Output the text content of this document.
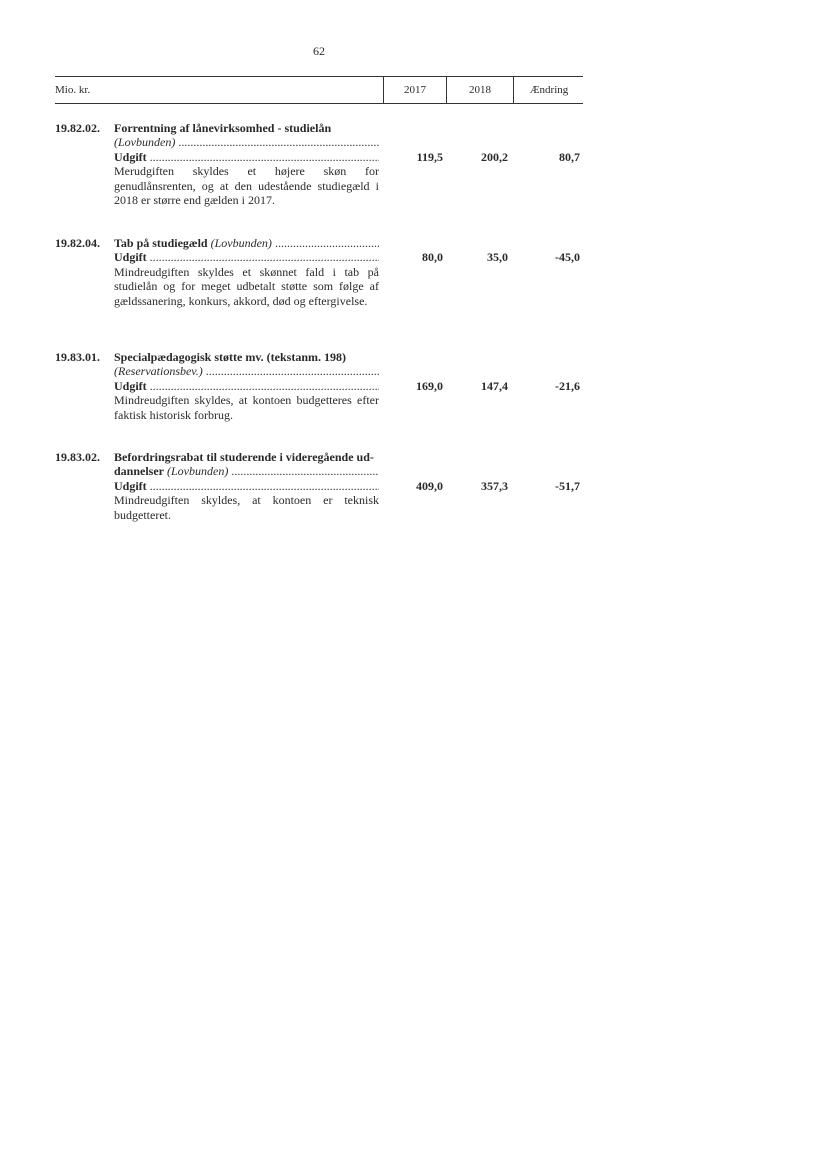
62
Mio. kr.	2017	2018	Ændring
19.82.02. Forrentning af lånevirksomhed - studielån
(Lovbunden) .....
Udgift .....
Merudgiften skyldes et højere skøn for genudlånsrenten, og at den udestående studiegæld i 2018 er større end gælden i 2017.
119,5	200,2	80,7
19.82.04. Tab på studiegæld (Lovbunden) .....
Udgift .....
Mindreudgiften skyldes et skønnet fald i tab på studielån og for meget udbetalt støtte som følge af gældssanering, konkurs, akkord, død og eftergivelse.
80,0	35,0	-45,0
19.83.01. Specialpædagogisk støtte mv. (tekstanm. 198)
(Reservationsbev.) .....
Udgift .....
Mindreudgiften skyldes, at kontoen budgetteres efter faktisk historisk forbrug.
169,0	147,4	-21,6
19.83.02. Befordringsrabat til studerende i videregående ud-
dannelser (Lovbunden) .....
Udgift .....
Mindreudgiften skyldes, at kontoen er teknisk budgetteret.
409,0	357,3	-51,7
